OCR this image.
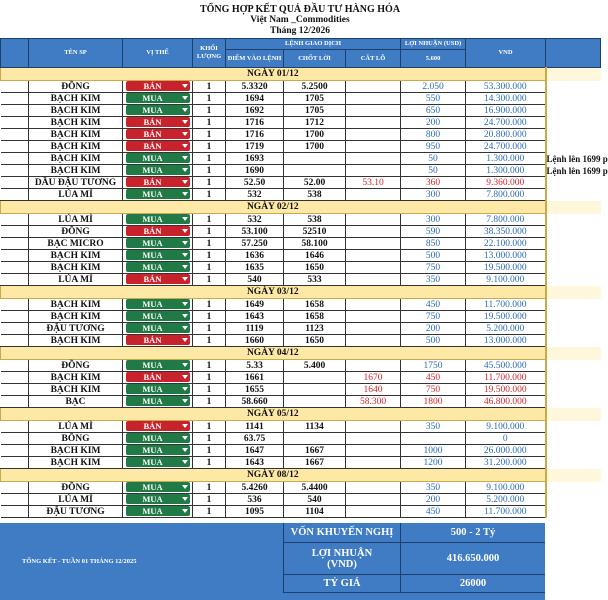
TỔNG HỢP KẾT QUẢ ĐẦU TƯ HÀNG HÓA
Việt Nam _Commodities
Tháng 12/2026
	TÊN SP	VỊ THẾ	KHỐI LƯỢNG	LỆNH GIAO DỊCH			LỢI NHUẬN (USD)	VND	
				ĐIỂM VÀO LỆNH	CHỐT LỜI	CẮT LỖ	5.600		
NGÀY 01/12									
	ĐỒNG	BÁN	1	5.3320	5.2500		2.050	53.300.000	
	BẠCH KIM	MUA	1	1694	1705		550	14.300.000	
	BẠCH KIM	MUA	1	1692	1705		650	16.900.000	
	BẠCH KIM	BÁN	1	1716	1712		200	24.700.000	
	BẠCH KIM	BÁN	1	1716	1700		800	20.800.000	
	BẠCH KIM	BÁN	1	1719	1700		950	24.700.000	
	BẠCH KIM	MUA	1	1693			50	1.300.000	Lệnh lên 1699 p
	BẠCH KIM	MUA	1	1690			50	1.300.000	Lệnh lên 1699 p
	DẦU ĐẬU TƯƠNG	BÁN	1	52.50	52.00	53.10	360	9.360.000	
	LÚA MÌ	MUA	1	532	538		300	7.800.000	
NGÀY 02/12									
	LÚA MÌ	MUA	1	532	538		300	7.800.000	
	ĐỒNG	BÁN	1	53.100	52510		590	38.350.000	
	BẠC MICRO	MUA	1	57.250	58.100		850	22.100.000	
	BẠCH KIM	MUA	1	1636	1646		500	13.000.000	
	BẠCH KIM	MUA	1	1635	1650		750	19.500.000	
	LÚA MÌ	BÁN	1	540	533		350	9.100.000	
NGÀY 03/12									
	BẠCH KIM	MUA	1	1649	1658		450	11.700.000	
	BẠCH KIM	MUA	1	1643	1658		750	19.500.000	
	ĐẬU TƯƠNG	MUA	1	1119	1123		200	5.200.000	
	BẠCH KIM	BÁN	1	1660	1650		500	13.000.000	
NGÀY 04/12									
	ĐỒNG	MUA	1	5.33	5.400		1750	45.500.000	
	BẠCH KIM	BÁN	1	1661		1670	450	11.700.000	
	BẠCH KIM	MUA	1	1655		1640	750	19.500.000	
	BẠC	MUA	1	58.660		58.300	1800	46.800.000	
NGÀY 05/12									
	LÚA MÌ	BÁN	1	1141	1134		350	9.100.000	
	BÔNG	MUA	1	63.75				0	
	BẠCH KIM	MUA	1	1647	1667		1000	26.000.000	
	BẠCH KIM	MUA	1	1643	1667		1200	31.200.000	
NGÀY 08/12									
	ĐỒNG	MUA	1	5.4260	5.4400		350	9.100.000	
	LÚA MÌ	MUA	1	536	540		200	5.200.000	
	ĐẬU TƯƠNG	MUA	1	1095	1104		450	11.700.000	
TỔNG KẾT - TUẦN 01 THÁNG 12/2025
VỐN KHUYẾN NGHỊ	500 - 2 Tỷ
LỢI NHUẬN (VND)	416.650.000
TỶ GIÁ	26000
